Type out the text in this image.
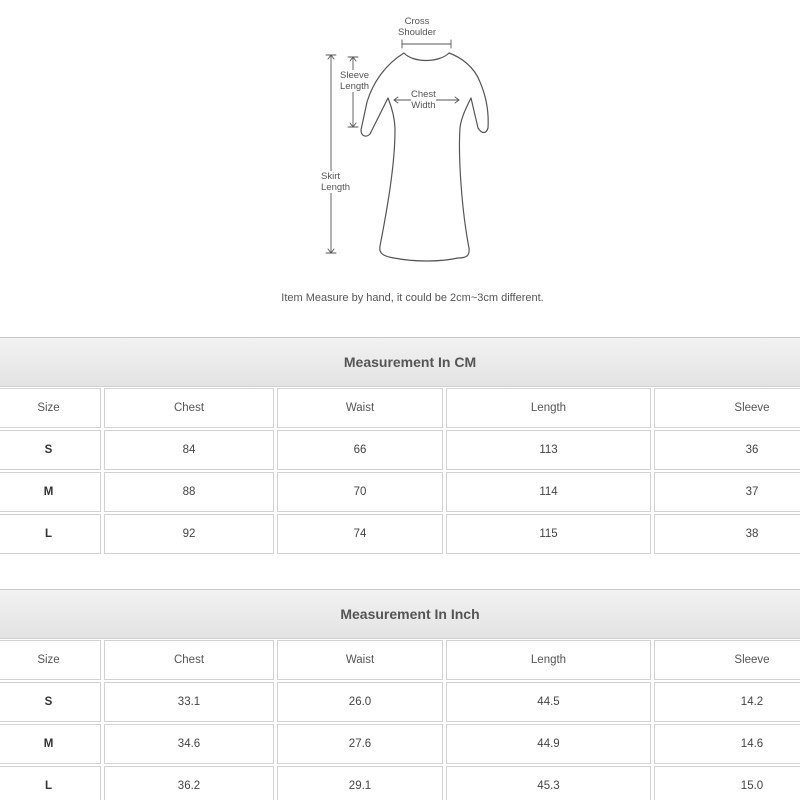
Cross
Shoulder
Sleeve
Length
Chest
Width
Skirt
Length
Item Measure by hand, it could be 2cm~3cm different.
Measurement In CM
Size	Chest	Waist	Length	Sleeve
S	84	66	113	36
M	88	70	114	37
L	92	74	115	38
Measurement In Inch
Size	Chest	Waist	Length	Sleeve
S	33.1	26.0	44.5	14.2
M	34.6	27.6	44.9	14.6
L	36.2	29.1	45.3	15.0
